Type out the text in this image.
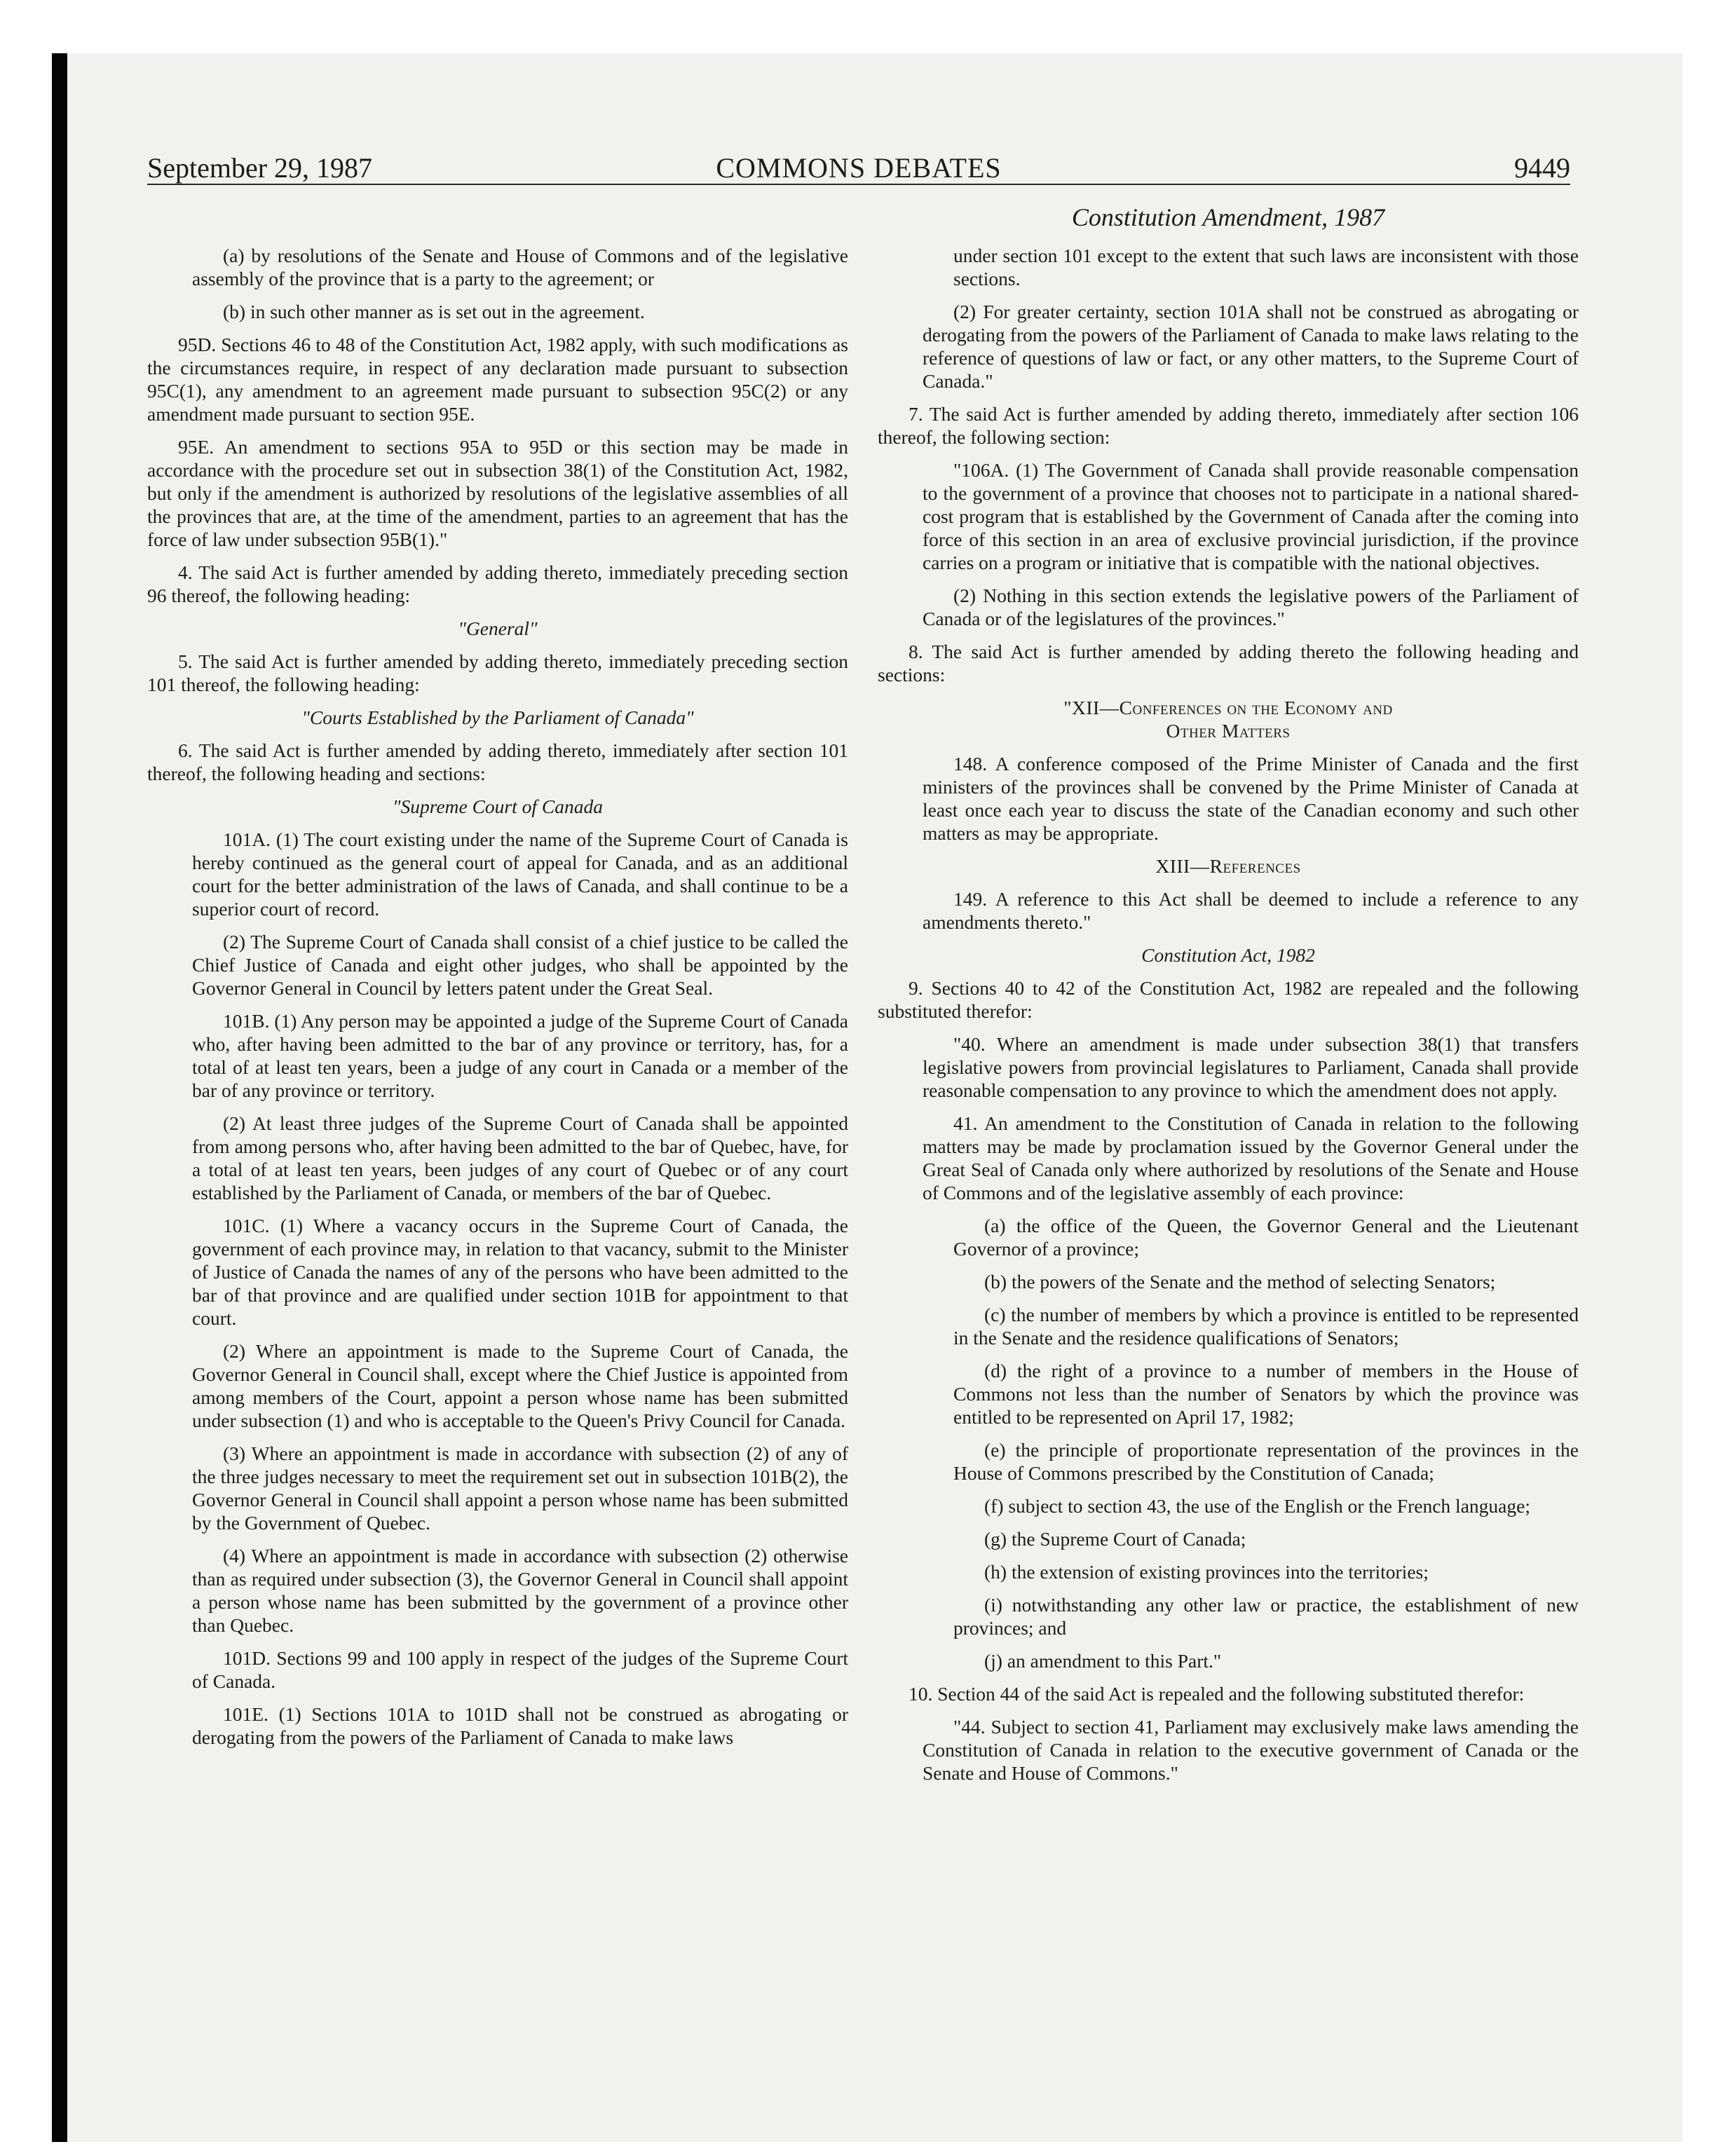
September 29, 1987	COMMONS DEBATES	9449
Constitution Amendment, 1987

(a) by resolutions of the Senate and House of Commons and of the legislative assembly of the province that is a party to the agreement; or

(b) in such other manner as is set out in the agreement.

95D. Sections 46 to 48 of the Constitution Act, 1982 apply, with such modifications as the circumstances require, in respect of any declaration made pursuant to subsection 95C(1), any amendment to an agreement made pursuant to subsection 95C(2) or any amendment made pursuant to section 95E.

95E. An amendment to sections 95A to 95D or this section may be made in accordance with the procedure set out in subsection 38(1) of the Constitution Act, 1982, but only if the amendment is authorized by resolutions of the legislative assemblies of all the provinces that are, at the time of the amendment, parties to an agreement that has the force of law under subsection 95B(1)."

4. The said Act is further amended by adding thereto, immediately preceding section 96 thereof, the following heading:

"General"

5. The said Act is further amended by adding thereto, immediately preceding section 101 thereof, the following heading:

"Courts Established by the Parliament of Canada"

6. The said Act is further amended by adding thereto, immediately after section 101 thereof, the following heading and sections:

"Supreme Court of Canada

101A. (1) The court existing under the name of the Supreme Court of Canada is hereby continued as the general court of appeal for Canada, and as an additional court for the better administration of the laws of Canada, and shall continue to be a superior court of record.

(2) The Supreme Court of Canada shall consist of a chief justice to be called the Chief Justice of Canada and eight other judges, who shall be appointed by the Governor General in Council by letters patent under the Great Seal.

101B. (1) Any person may be appointed a judge of the Supreme Court of Canada who, after having been admitted to the bar of any province or territory, has, for a total of at least ten years, been a judge of any court in Canada or a member of the bar of any province or territory.

(2) At least three judges of the Supreme Court of Canada shall be appointed from among persons who, after having been admitted to the bar of Quebec, have, for a total of at least ten years, been judges of any court of Quebec or of any court established by the Parliament of Canada, or members of the bar of Quebec.

101C. (1) Where a vacancy occurs in the Supreme Court of Canada, the government of each province may, in relation to that vacancy, submit to the Minister of Justice of Canada the names of any of the persons who have been admitted to the bar of that province and are qualified under section 101B for appointment to that court.

(2) Where an appointment is made to the Supreme Court of Canada, the Governor General in Council shall, except where the Chief Justice is appointed from among members of the Court, appoint a person whose name has been submitted under subsection (1) and who is acceptable to the Queen's Privy Council for Canada.

(3) Where an appointment is made in accordance with subsection (2) of any of the three judges necessary to meet the requirement set out in subsection 101B(2), the Governor General in Council shall appoint a person whose name has been submitted by the Government of Quebec.

(4) Where an appointment is made in accordance with subsection (2) otherwise than as required under subsection (3), the Governor General in Council shall appoint a person whose name has been submitted by the government of a province other than Quebec.

101D. Sections 99 and 100 apply in respect of the judges of the Supreme Court of Canada.

101E. (1) Sections 101A to 101D shall not be construed as abrogating or derogating from the powers of the Parliament of Canada to make laws

under section 101 except to the extent that such laws are inconsistent with those sections.

(2) For greater certainty, section 101A shall not be construed as abrogating or derogating from the powers of the Parliament of Canada to make laws relating to the reference of questions of law or fact, or any other matters, to the Supreme Court of Canada."

7. The said Act is further amended by adding thereto, immediately after section 106 thereof, the following section:

"106A. (1) The Government of Canada shall provide reasonable compensation to the government of a province that chooses not to participate in a national shared-cost program that is established by the Government of Canada after the coming into force of this section in an area of exclusive provincial jurisdiction, if the province carries on a program or initiative that is compatible with the national objectives.

(2) Nothing in this section extends the legislative powers of the Parliament of Canada or of the legislatures of the provinces."

8. The said Act is further amended by adding thereto the following heading and sections:

"XII—Conferences on the Economy and

Other Matters

148. A conference composed of the Prime Minister of Canada and the first ministers of the provinces shall be convened by the Prime Minister of Canada at least once each year to discuss the state of the Canadian economy and such other matters as may be appropriate.

XIII—References

149. A reference to this Act shall be deemed to include a reference to any amendments thereto."

Constitution Act, 1982

9. Sections 40 to 42 of the Constitution Act, 1982 are repealed and the following substituted therefor:

"40. Where an amendment is made under subsection 38(1) that transfers legislative powers from provincial legislatures to Parliament, Canada shall provide reasonable compensation to any province to which the amendment does not apply.

41. An amendment to the Constitution of Canada in relation to the following matters may be made by proclamation issued by the Governor General under the Great Seal of Canada only where authorized by resolutions of the Senate and House of Commons and of the legislative assembly of each province:

(a) the office of the Queen, the Governor General and the Lieutenant Governor of a province;

(b) the powers of the Senate and the method of selecting Senators;

(c) the number of members by which a province is entitled to be represented in the Senate and the residence qualifications of Senators;

(d) the right of a province to a number of members in the House of Commons not less than the number of Senators by which the province was entitled to be represented on April 17, 1982;

(e) the principle of proportionate representation of the provinces in the House of Commons prescribed by the Constitution of Canada;

(f) subject to section 43, the use of the English or the French language;

(g) the Supreme Court of Canada;

(h) the extension of existing provinces into the territories;

(i) notwithstanding any other law or practice, the establishment of new provinces; and

(j) an amendment to this Part."

10. Section 44 of the said Act is repealed and the following substituted therefor:

"44. Subject to section 41, Parliament may exclusively make laws amending the Constitution of Canada in relation to the executive government of Canada or the Senate and House of Commons."
